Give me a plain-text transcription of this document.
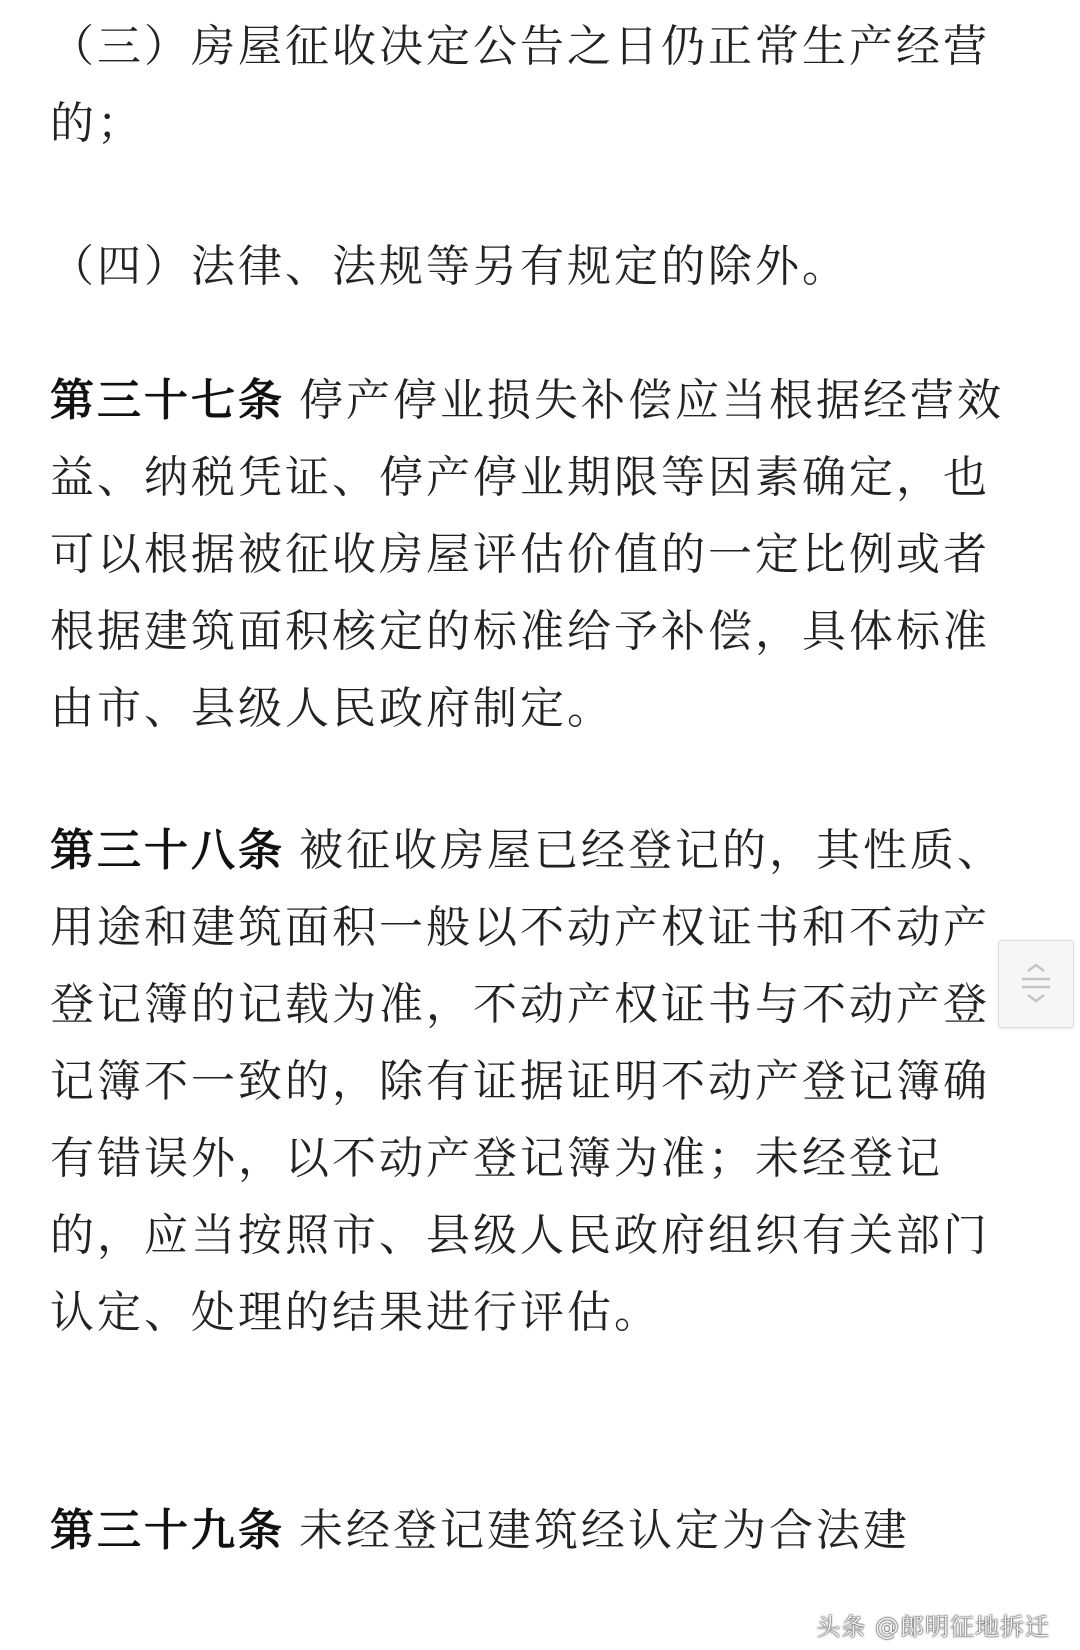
（三）房屋征收决定公告之日仍正常生产经营的；

（四）法律、法规等另有规定的除外。

第三十七条 停产停业损失补偿应当根据经营效益、纳税凭证、停产停业期限等因素确定，也可以根据被征收房屋评估价值的一定比例或者根据建筑面积核定的标准给予补偿，具体标准由市、县级人民政府制定。

第三十八条 被征收房屋已经登记的，其性质、用途和建筑面积一般以不动产权证书和不动产登记簿的记载为准，不动产权证书与不动产登记簿不一致的，除有证据证明不动产登记簿确有错误外，以不动产登记簿为准；未经登记的，应当按照市、县级人民政府组织有关部门认定、处理的结果进行评估。

第三十九条 未经登记建筑经认定为合法建

头条 @郎明征地拆迁
